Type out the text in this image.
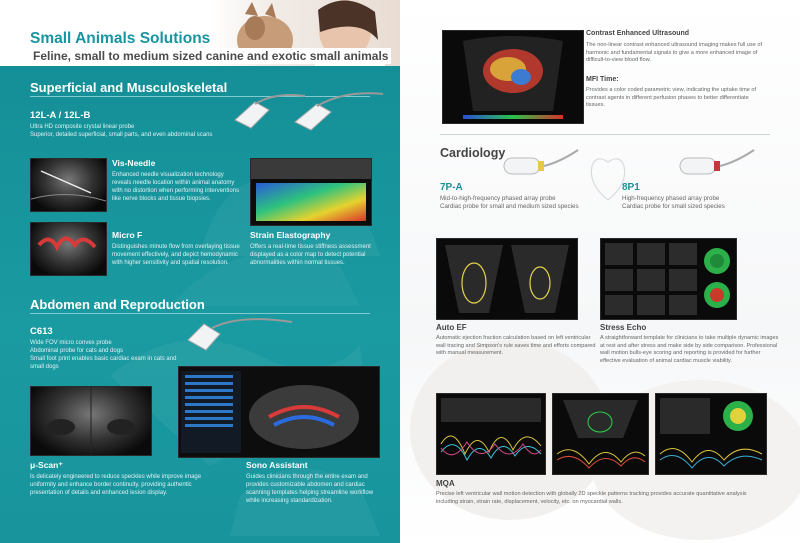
Small Animals Solutions
Feline, small to medium sized canine and exotic small animals
Superficial and Musculoskeletal
12L-A / 12L-B
Ultra HD composite crystal linear probe
Superior, detailed superficial, small parts, and even abdominal scans
Vis-Needle
Enhanced needle visualization technology reveals needle location within animal anatomy with no distortion when performing interventions like nerve blocks and tissue biopsies.
Strain Elastography
Offers a real-time tissue stiffness assessment displayed as a color map to detect potential abnormalities within normal tissues.
Micro F
Distinguishes minute flow from overlaying tissue movement effectively, and depict hemodynamic with higher sensitivity and spatial resolution.
Abdomen and Reproduction
C613
Wide FOV micro convex probe
Abdominal probe for cats and dogs
Small foot print enables basic cardiac exam in cats and small dogs
μ-Scan⁺
Is delicately engineered to reduce speckles while improve image uniformity and enhance border continuity, providing authentic presentation of details and enhanced lesion display.
Sono Assistant
Guides clinicians through the entire exam and provides customizable abdomen and cardiac scanning templates helping streamline workflow while increasing standardization.
Contrast Enhanced Ultrasound
The non-linear contrast enhanced ultrasound imaging makes full use of harmonic and fundamental signals to give a more enhanced image of difficult-to-view blood flow.
MFI Time:
Provides a color coded parametric view, indicating the uptake time of contrast agents in different perfusion phases to better differentiate tissues.
Cardiology
7P-A
Mid-to-high-frequency phased array probe
Cardiac probe for small and medium sized species
8P1
High-frequency phased array probe
Cardiac probe for small sized species
Auto EF
Automatic ejection fraction calculation based on left ventricular wall tracing and Simpson's rule saves time and efforts compared with manual measurement.
Stress Echo
A straightforward template for clinicians to take multiple dynamic images at rest and after stress and make side by side comparison. Professional wall motion bulls-eye scoring and reporting is provided for further effective evaluation of animal cardiac muscle viability.
MQA
Precise left ventricular wall motion detection with globally 2D speckle patterns tracking provides accurate quantitative analysis including strain, strain rate, displacement, velocity, etc. on myocardial walls.
